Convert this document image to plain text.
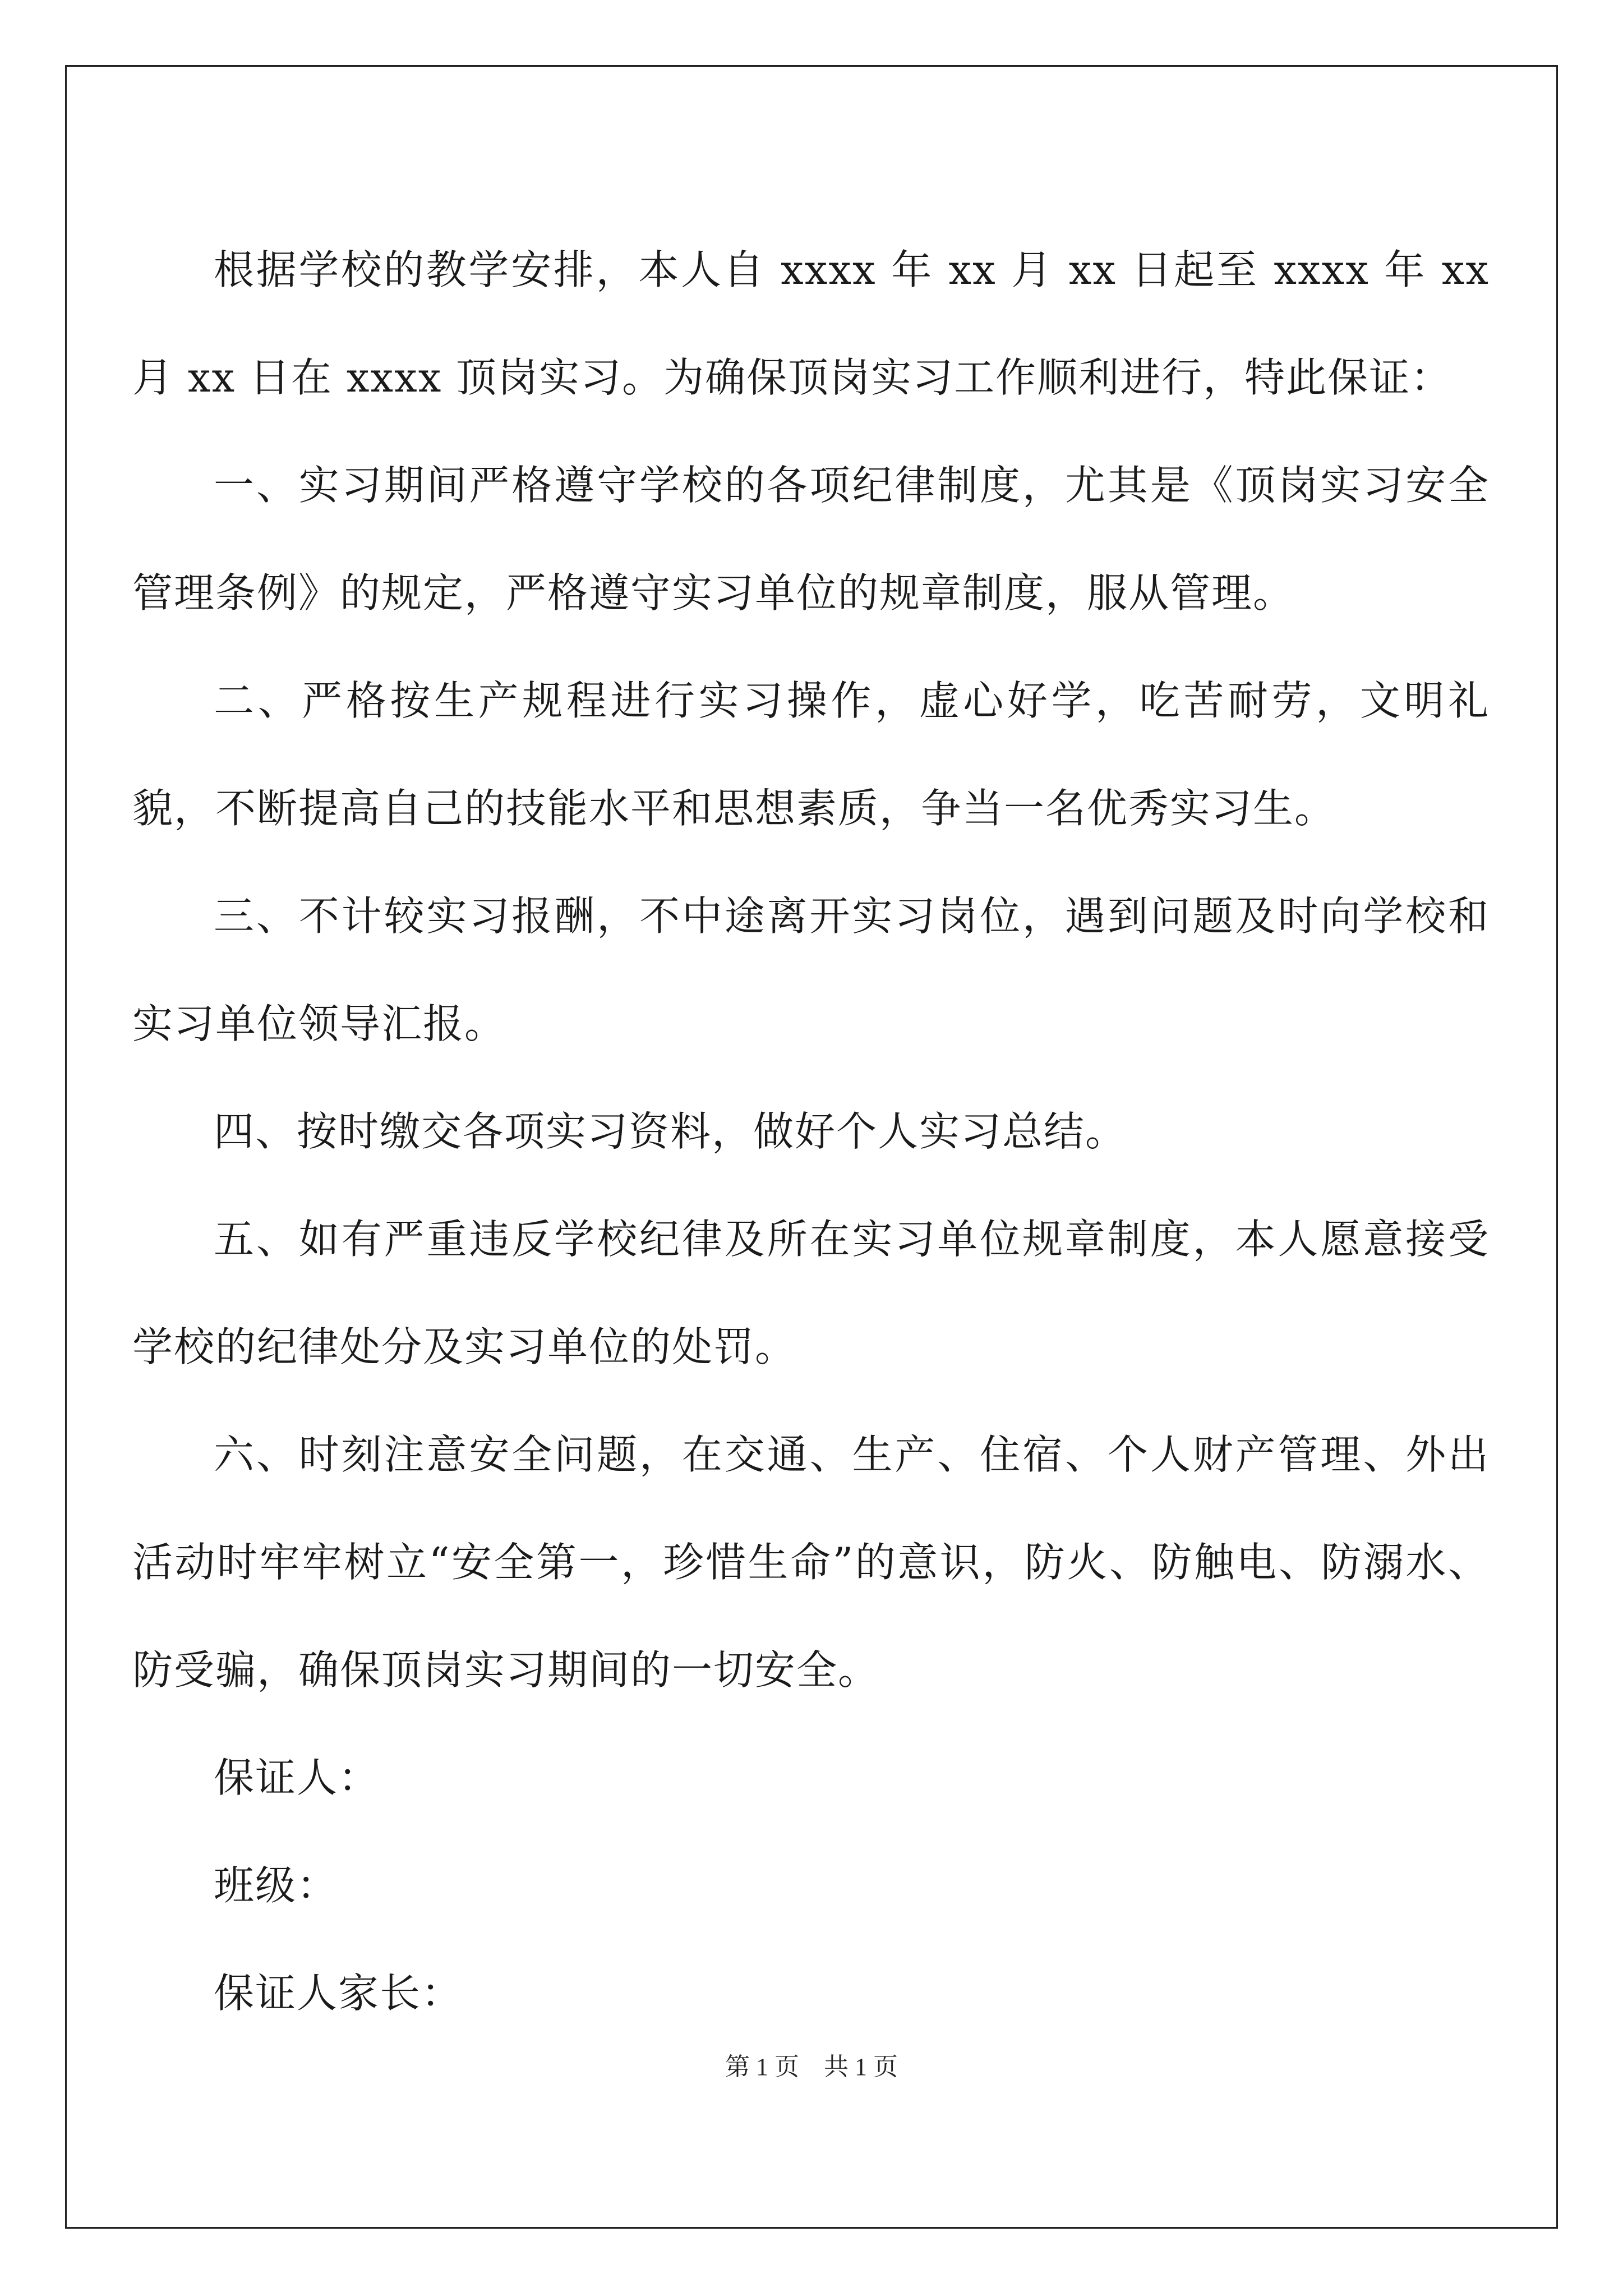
根据学校的教学安排，本人自 xxxx 年 xx 月 xx 日起至 xxxx 年 xx 月 xx 日在 xxxx 顶岗实习。为确保顶岗实习工作顺利进行，特此保证：

一、实习期间严格遵守学校的各项纪律制度，尤其是《顶岗实习安全管理条例》的规定，严格遵守实习单位的规章制度，服从管理。

二、严格按生产规程进行实习操作，虚心好学，吃苦耐劳，文明礼貌，不断提高自己的技能水平和思想素质，争当一名优秀实习生。

三、不计较实习报酬，不中途离开实习岗位，遇到问题及时向学校和实习单位领导汇报。

四、按时缴交各项实习资料，做好个人实习总结。

五、如有严重违反学校纪律及所在实习单位规章制度，本人愿意接受学校的纪律处分及实习单位的处罚。

六、时刻注意安全问题，在交通、生产、住宿、个人财产管理、外出活动时牢牢树立“安全第一，珍惜生命”的意识，防火、防触电、防溺水、防受骗，确保顶岗实习期间的一切安全。

保证人：

班级：

保证人家长：

第 1 页　共 1 页
